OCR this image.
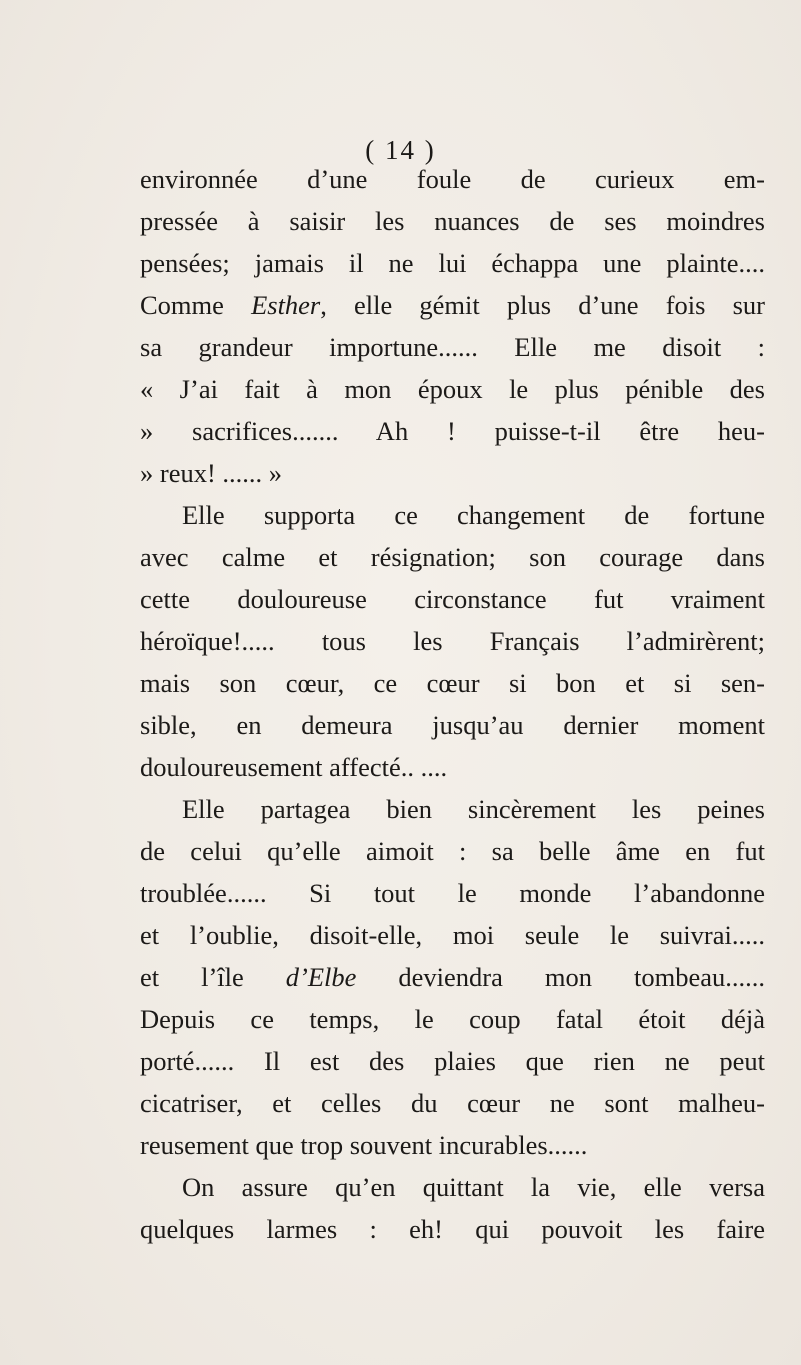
( 14 )
environnée d’une foule de curieux em-
pressée à saisir les nuances de ses moindres
pensées; jamais il ne lui échappa une plainte....
Comme Esther, elle gémit plus d’une fois sur
sa grandeur importune...... Elle me disoit :
« J’ai fait à mon époux le plus pénible des
» sacrifices....... Ah ! puisse-t-il être heu-
» reux! ...... »
Elle supporta ce changement de fortune
avec calme et résignation; son courage dans
cette douloureuse circonstance fut vraiment
héroïque!..... tous les Français l’admirèrent;
mais son cœur, ce cœur si bon et si sen-
sible, en demeura jusqu’au dernier moment
douloureusement affecté.. ....
Elle partagea bien sincèrement les peines
de celui qu’elle aimoit : sa belle âme en fut
troublée...... Si tout le monde l’abandonne
et l’oublie, disoit-elle, moi seule le suivrai.....
et l’île d’Elbe deviendra mon tombeau......
Depuis ce temps, le coup fatal étoit déjà
porté...... Il est des plaies que rien ne peut
cicatriser, et celles du cœur ne sont malheu-
reusement que trop souvent incurables......
On assure qu’en quittant la vie, elle versa
quelques larmes : eh! qui pouvoit les faire
